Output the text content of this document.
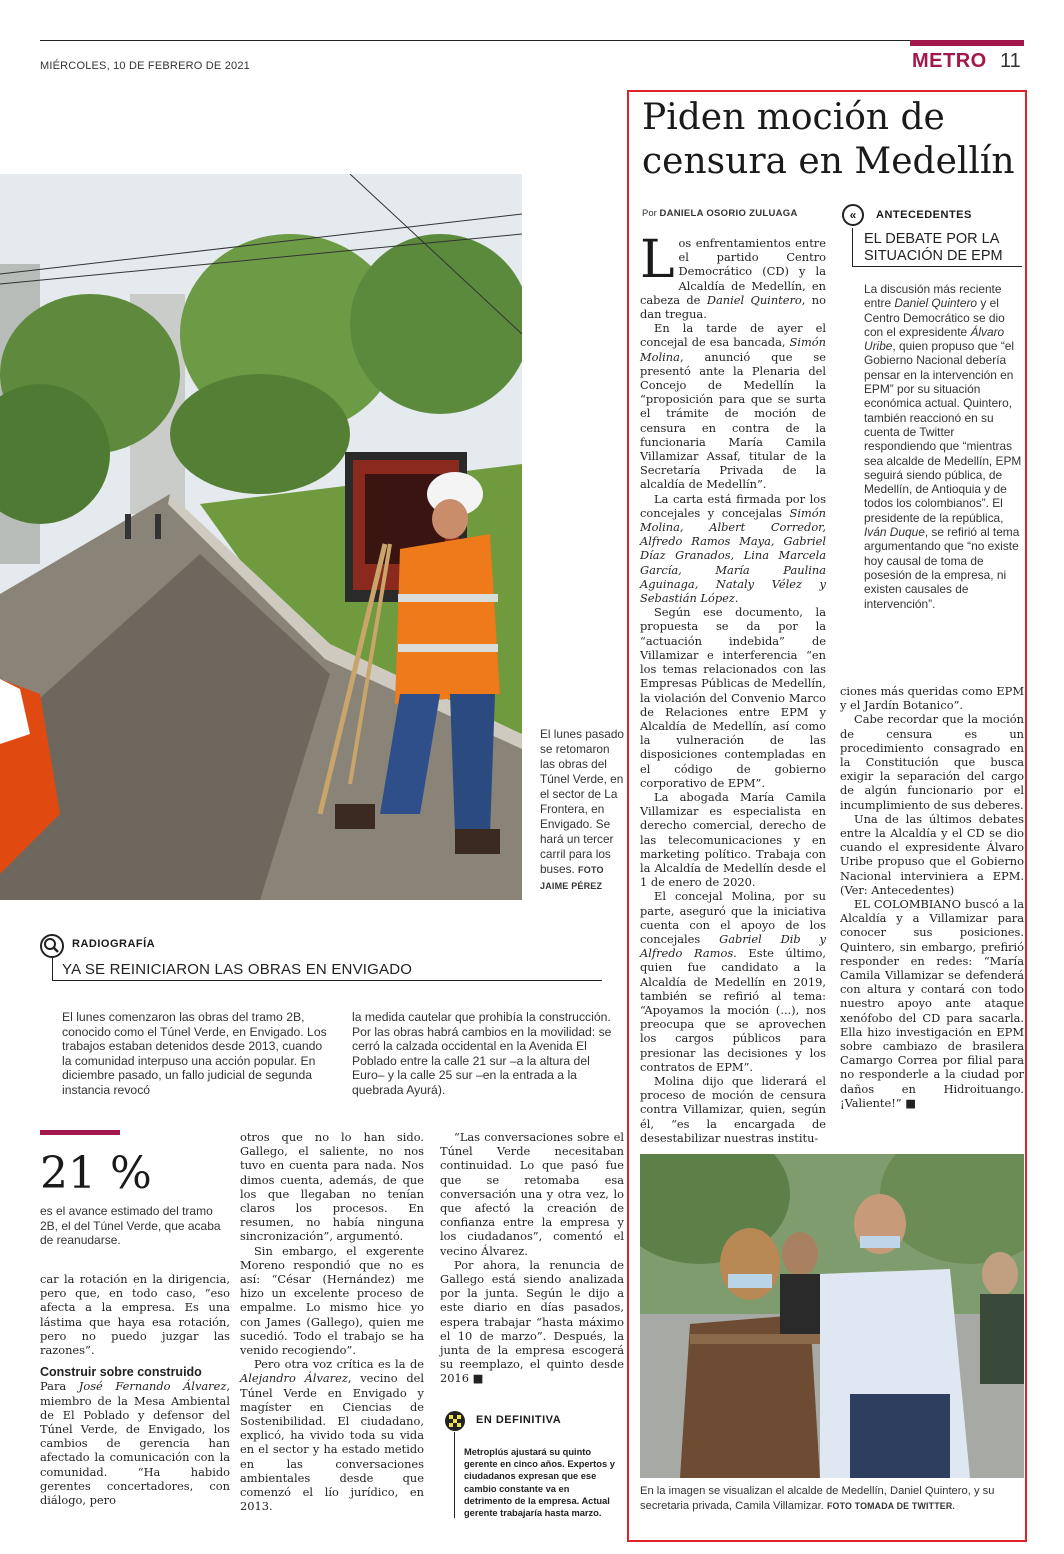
MIÉRCOLES, 10 DE FEBRERO DE 2021	METRO 11
El lunes pasado se retomaron las obras del Túnel Verde, en el sector de La Frontera, en Envigado. Se hará un tercer carril para los buses. FOTO JAIME PÉREZ
RADIOGRAFÍA
YA SE REINICIARON LAS OBRAS EN ENVIGADO
El lunes comenzaron las obras del tramo 2B, conocido como el Túnel Verde, en Envigado. Los trabajos estaban detenidos desde 2013, cuando la comunidad interpuso una acción popular. En diciembre pasado, un fallo judicial de segunda instancia revocó
la medida cautelar que prohibía la construcción. Por las obras habrá cambios en la movilidad: se cerró la calzada occidental en la Avenida El Poblado entre la calle 21 sur –a la altura del Euro– y la calle 25 sur –en la entrada a la quebrada Ayurá).
21 %
es el avance estimado del tramo 2B, el del Túnel Verde, que acaba de reanudarse.

car la rotación en la dirigencia, pero que, en todo caso, “eso afecta a la empresa. Es una lástima que haya esa rotación, pero no puedo juzgar las razones”.

Construir sobre construido

Para José Fernando Álvarez, miembro de la Mesa Ambiental de El Poblado y defensor del Túnel Verde, de Envigado, los cambios de gerencia han afectado la comunicación con la comunidad. “Ha habido gerentes concertadores, con diálogo, pero

otros que no lo han sido. Gallego, el saliente, no nos tuvo en cuenta para nada. Nos dimos cuenta, además, de que los que llegaban no tenían claros los procesos. En resumen, no había ninguna sincronización”, argumentó.

Sin embargo, el exgerente Moreno respondió que no es así: “César (Hernández) me hizo un excelente proceso de empalme. Lo mismo hice yo con James (Gallego), quien me sucedió. Todo el trabajo se ha venido recogiendo”.

Pero otra voz crítica es la de Alejandro Álvarez, vecino del Túnel Verde en Envigado y magíster en Ciencias de Sostenibilidad. El ciudadano, explicó, ha vivido toda su vida en el sector y ha estado metido en las conversaciones ambientales desde que comenzó el lío jurídico, en 2013.

“Las conversaciones sobre el Túnel Verde necesitaban continuidad. Lo que pasó fue que se retomaba esa conversación una y otra vez, lo que afectó la creación de confianza entre la empresa y los ciudadanos”, comentó el vecino Álvarez.

Por ahora, la renuncia de Gallego está siendo analizada por la junta. Según le dijo a este diario en días pasados, espera trabajar “hasta máximo el 10 de marzo”. Después, la junta de la empresa escogerá su reemplazo, el quinto desde 2016 ■

EN DEFINITIVA
Metroplús ajustará su quinto gerente en cinco años. Expertos y ciudadanos expresan que ese cambio constante va en detrimento de la empresa. Actual gerente trabajaría hasta marzo.
Piden moción de censura en Medellín
Por DANIELA OSORIO ZULUAGA

Los enfrentamientos entre el partido Centro Democrático (CD) y la Alcaldía de Medellín, en cabeza de Daniel Quintero, no dan tregua.

En la tarde de ayer el concejal de esa bancada, Simón Molina, anunció que se presentó ante la Plenaria del Concejo de Medellín la “proposición para que se surta el trámite de moción de censura en contra de la funcionaria María Camila Villamizar Assaf, titular de la Secretaría Privada de la alcaldía de Medellín”.

La carta está firmada por los concejales y concejalas Simón Molina, Albert Corredor, Alfredo Ramos Maya, Gabriel Díaz Granados, Lina Marcela García, María Paulina Aguinaga, Nataly Vélez y Sebastián López.

Según ese documento, la propuesta se da por la “actuación indebida” de Villamizar e interferencia “en los temas relacionados con las Empresas Públicas de Medellín, la violación del Convenio Marco de Relaciones entre EPM y Alcaldía de Medellín, así como la vulneración de las disposiciones contempladas en el código de gobierno corporativo de EPM”.

La abogada María Camila Villamizar es especialista en derecho comercial, derecho de las telecomunicaciones y en marketing político. Trabaja con la Alcaldía de Medellín desde el 1 de enero de 2020.

El concejal Molina, por su parte, aseguró que la iniciativa cuenta con el apoyo de los concejales Gabriel Dib y Alfredo Ramos. Este último, quien fue candidato a la Alcaldía de Medellín en 2019, también se refirió al tema: “Apoyamos la moción (...), nos preocupa que se aprovechen los cargos públicos para presionar las decisiones y los contratos de EPM”.

Molina dijo que liderará el proceso de moción de censura contra Villamizar, quien, según él, “es la encargada de desestabilizar nuestras institu-

«	ANTECEDENTES
EL DEBATE POR LA SITUACIÓN DE EPM
La discusión más reciente entre Daniel Quintero y el Centro Democrático se dio con el expresidente Álvaro Uribe, quien propuso que “el Gobierno Nacional debería pensar en la intervención en EPM” por su situación económica actual. Quintero, también reaccionó en su cuenta de Twitter respondiendo que “mientras sea alcalde de Medellín, EPM seguirá siendo pública, de Medellín, de Antioquia y de todos los colombianos”. El presidente de la república, Iván Duque, se refirió al tema argumentando que “no existe hoy causal de toma de posesión de la empresa, ni existen causales de intervención”.

ciones más queridas como EPM y el Jardín Botanico”.

Cabe recordar que la moción de censura es un procedimiento consagrado en la Constitución que busca exigir la separación del cargo de algún funcionario por el incumplimiento de sus deberes.

Una de las últimos debates entre la Alcaldía y el CD se dio cuando el expresidente Álvaro Uribe propuso que el Gobierno Nacional interviniera a EPM. (Ver: Antecedentes)

EL COLOMBIANO buscó a la Alcaldía y a Villamizar para conocer sus posiciones. Quintero, sin embargo, prefirió responder en redes: “María Camila Villamizar se defenderá con altura y contará con todo nuestro apoyo ante ataque xenófobo del CD para sacarla. Ella hizo investigación en EPM sobre cambiazo de brasilera Camargo Correa por filial para no responderle a la ciudad por daños en Hidroituango. ¡Valiente!” ■

En la imagen se visualizan el alcalde de Medellín, Daniel Quintero, y su secretaria privada, Camila Villamizar. FOTO TOMADA DE TWITTER.
